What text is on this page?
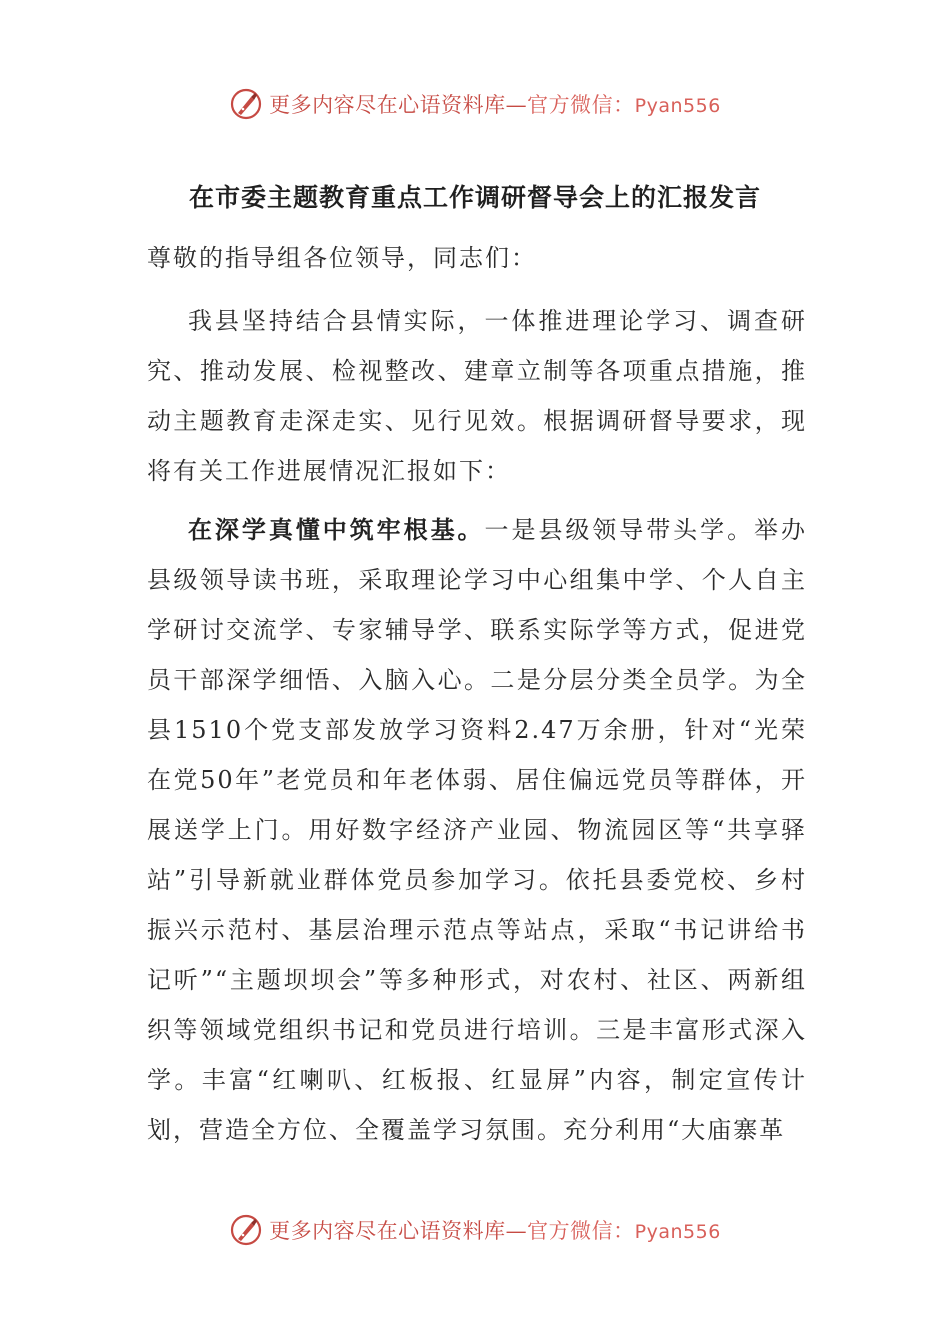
更多内容尽在心语资料库—官方微信：Pyan556
在市委主题教育重点工作调研督导会上的汇报发言
尊敬的指导组各位领导，同志们：
我县坚持结合县情实际，一体推进理论学习、调查研究、推动发展、检视整改、建章立制等各项重点措施，推动主题教育走深走实、见行见效。根据调研督导要求，现将有关工作进展情况汇报如下：
在深学真懂中筑牢根基。一是县级领导带头学。举办县级领导读书班，采取理论学习中心组集中学、个人自主学研讨交流学、专家辅导学、联系实际学等方式，促进党员干部深学细悟、入脑入心。二是分层分类全员学。为全县1510个党支部发放学习资料2.47万余册，针对“光荣在党50年”老党员和年老体弱、居住偏远党员等群体，开展送学上门。用好数字经济产业园、物流园区等“共享驿站”引导新就业群体党员参加学习。依托县委党校、乡村振兴示范村、基层治理示范点等站点，采取“书记讲给书记听”“主题坝坝会”等多种形式，对农村、社区、两新组织等领域党组织书记和党员进行培训。三是丰富形式深入学。丰富“红喇叭、红板报、红显屏”内容，制定宣传计划，营造全方位、全覆盖学习氛围。充分利用“大庙寨革
更多内容尽在心语资料库—官方微信：Pyan556
